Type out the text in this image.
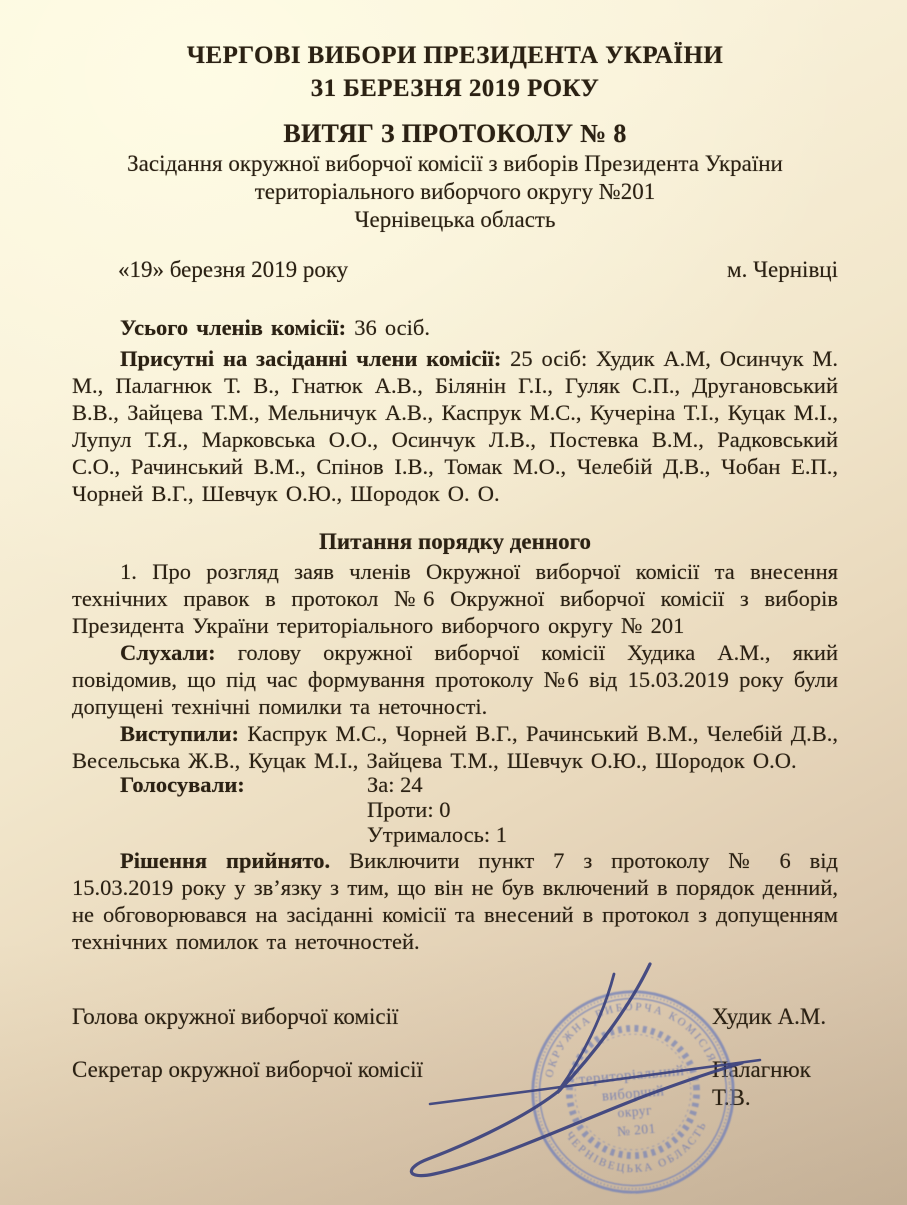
ЧЕРГОВІ ВИБОРИ ПРЕЗИДЕНТА УКРАЇНИ
31 БЕРЕЗНЯ 2019 РОКУ
ВИТЯГ З ПРОТОКОЛУ № 8
Засідання окружної виборчої комісії з виборів Президента України
територіального виборчого округу №201
Чернівецька область
«19» березня 2019 року	м. Чернівці
Усього членів комісії: 36 осіб.
Присутні на засіданні члени комісії: 25 осіб: Худик А.М, Осинчук М. М., Палагнюк Т. В., Гнатюк А.В., Білянін Г.І., Гуляк С.П., Другановський В.В., Зайцева Т.М., Мельничук А.В., Каспрук М.С., Кучеріна Т.І., Куцак М.І., Лупул Т.Я., Марковська О.О., Осинчук Л.В., Постевка В.М., Радковський С.О., Рачинський В.М., Спінов І.В., Томак М.О., Челебій Д.В., Чобан Е.П., Чорней В.Г., Шевчук О.Ю., Шородок О. О.
Питання порядку денного
1. Про розгляд заяв членів Окружної виборчої комісії та внесення технічних правок в протокол №6 Окружної виборчої комісії з виборів Президента України територіального виборчого округу № 201
Слухали: голову окружної виборчої комісії Худика А.М., який повідомив, що під час формування протоколу №6 від 15.03.2019 року були допущені технічні помилки та неточності.
Виступили: Каспрук М.С., Чорней В.Г., Рачинський В.М., Челебій Д.В., Весельська Ж.В., Куцак М.І., Зайцева Т.М., Шевчук О.Ю., Шородок О.О.
Голосували:	За: 24
Проти: 0
Утрималось: 1
Рішення прийнято. Виключити пункт 7 з протоколу № 6 від 15.03.2019 року у зв’язку з тим, що він не був включений в порядок денний, не обговорювався на засіданні комісії та внесений в протокол з допущенням технічних помилок та неточностей.
Голова окружної виборчої комісії	Худик А.М.
Секретар окружної виборчої комісії	Палагнюк Т.В.
ОКРУЖНА ВИБОРЧА КОМІСІЯ
ЧЕРНІВЕЦЬКА ОБЛАСТЬ
територіальний
виборчий
округ
№ 201
